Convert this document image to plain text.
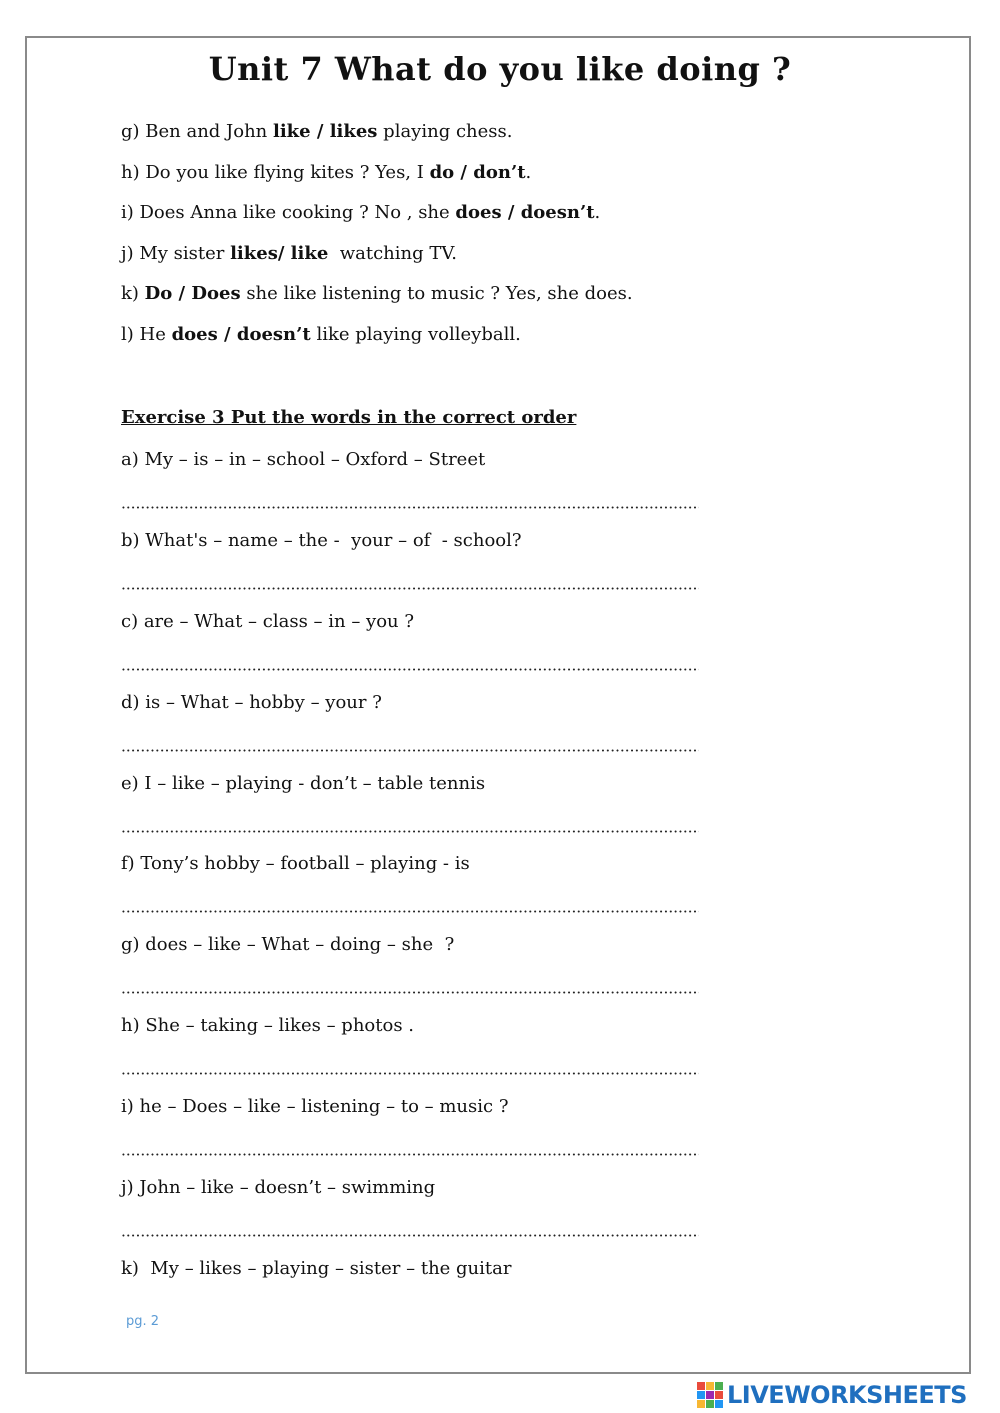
Unit 7 What do you like doing ?
g) Ben and John like / likes playing chess.
h) Do you like flying kites ? Yes, I do / don’t.
i) Does Anna like cooking ? No , she does / doesn’t.
j) My sister likes/ like  watching TV.
k) Do / Does she like listening to music ? Yes, she does.
l) He does / doesn’t like playing volleyball.
Exercise 3 Put the words in the correct order
a) My – is – in – school – Oxford – Street
b) What's – name – the -  your – of  - school?
c) are – What – class – in – you ?
d) is – What – hobby – your ?
e) I – like – playing - don’t – table tennis
f) Tony’s hobby – football – playing - is
g) does – like – What – doing – she  ?
h) She – taking – likes – photos .
i) he – Does – like – listening – to – music ?
j) John – like – doesn’t – swimming
k)  My – likes – playing – sister – the guitar
pg. 2
LIVEWORKSHEETS
